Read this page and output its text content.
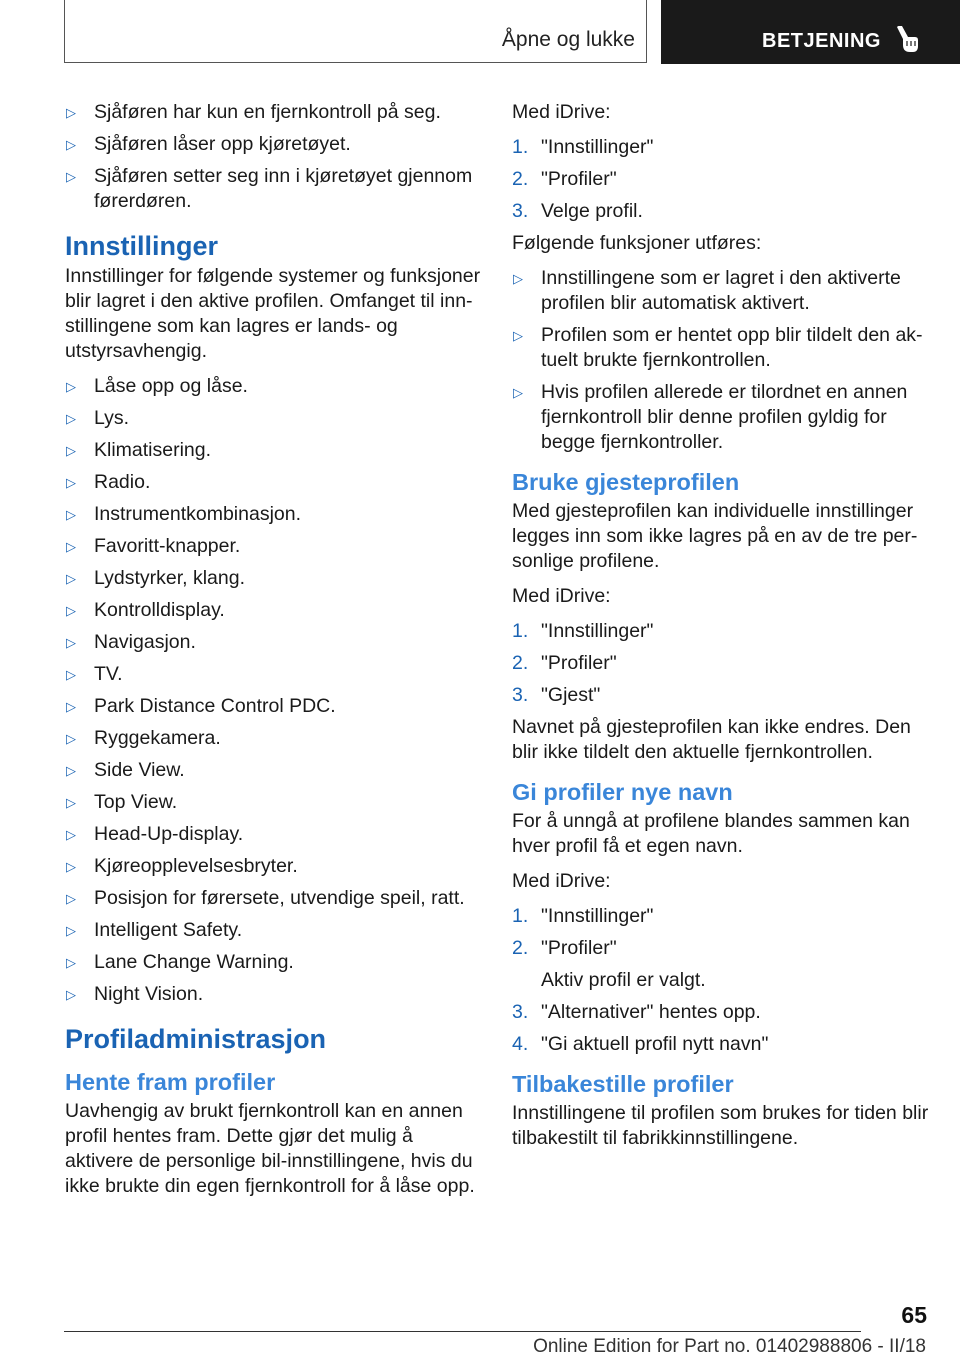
Åpne og lukke	BETJENING
▷ Sjåføren har kun en fjernkontroll på seg.
▷ Sjåføren låser opp kjøretøyet.
▷ Sjåføren setter seg inn i kjøretøyet gjennom førerdøren.
Innstillinger

Innstillinger for følgende systemer og funksjoner blir lagret i den aktive profilen. Omfanget til innstillingene som kan lagres er lands- og utstyrsavhengig.

▷ Låse opp og låse.
▷ Lys.
▷ Klimatisering.
▷ Radio.
▷ Instrumentkombinasjon.
▷ Favoritt-knapper.
▷ Lydstyrker, klang.
▷ Kontrolldisplay.
▷ Navigasjon.
▷ TV.
▷ Park Distance Control PDC.
▷ Ryggekamera.
▷ Side View.
▷ Top View.
▷ Head-Up-display.
▷ Kjøreopplevelsesbryter.
▷ Posisjon for førersete, utvendige speil, ratt.
▷ Intelligent Safety.
▷ Lane Change Warning.
▷ Night Vision.
Profiladministrasjon
Hente fram profiler

Uavhengig av brukt fjernkontroll kan en annen profil hentes fram. Dette gjør det mulig å aktivere de personlige bil-innstillingene, hvis du ikke brukte din egen fjernkontroll for å låse opp.

Med iDrive:

1. "Innstillinger"
2. "Profiler"
3. Velge profil.

Følgende funksjoner utføres:

▷ Innstillingene som er lagret i den aktiverte profilen blir automatisk aktivert.
▷ Profilen som er hentet opp blir tildelt den aktuelt brukte fjernkontrollen.
▷ Hvis profilen allerede er tilordnet en annen fjernkontroll blir denne profilen gyldig for begge fjernkontroller.
Bruke gjesteprofilen

Med gjesteprofilen kan individuelle innstillinger legges inn som ikke lagres på en av de tre personlige profilene.

Med iDrive:

1. "Innstillinger"
2. "Profiler"
3. "Gjest"

Navnet på gjesteprofilen kan ikke endres. Den blir ikke tildelt den aktuelle fjernkontrollen.

Gi profiler nye navn

For å unngå at profilene blandes sammen kan hver profil få et egen navn.

Med iDrive:

1. "Innstillinger"
2. "Profiler"
Aktiv profil er valgt.
3. "Alternativer" hentes opp.
4. "Gi aktuell profil nytt navn"
Tilbakestille profiler

Innstillingene til profilen som brukes for tiden blir tilbakestilt til fabrikkinnstillingene.

65
Online Edition for Part no. 01402988806 - II/18
